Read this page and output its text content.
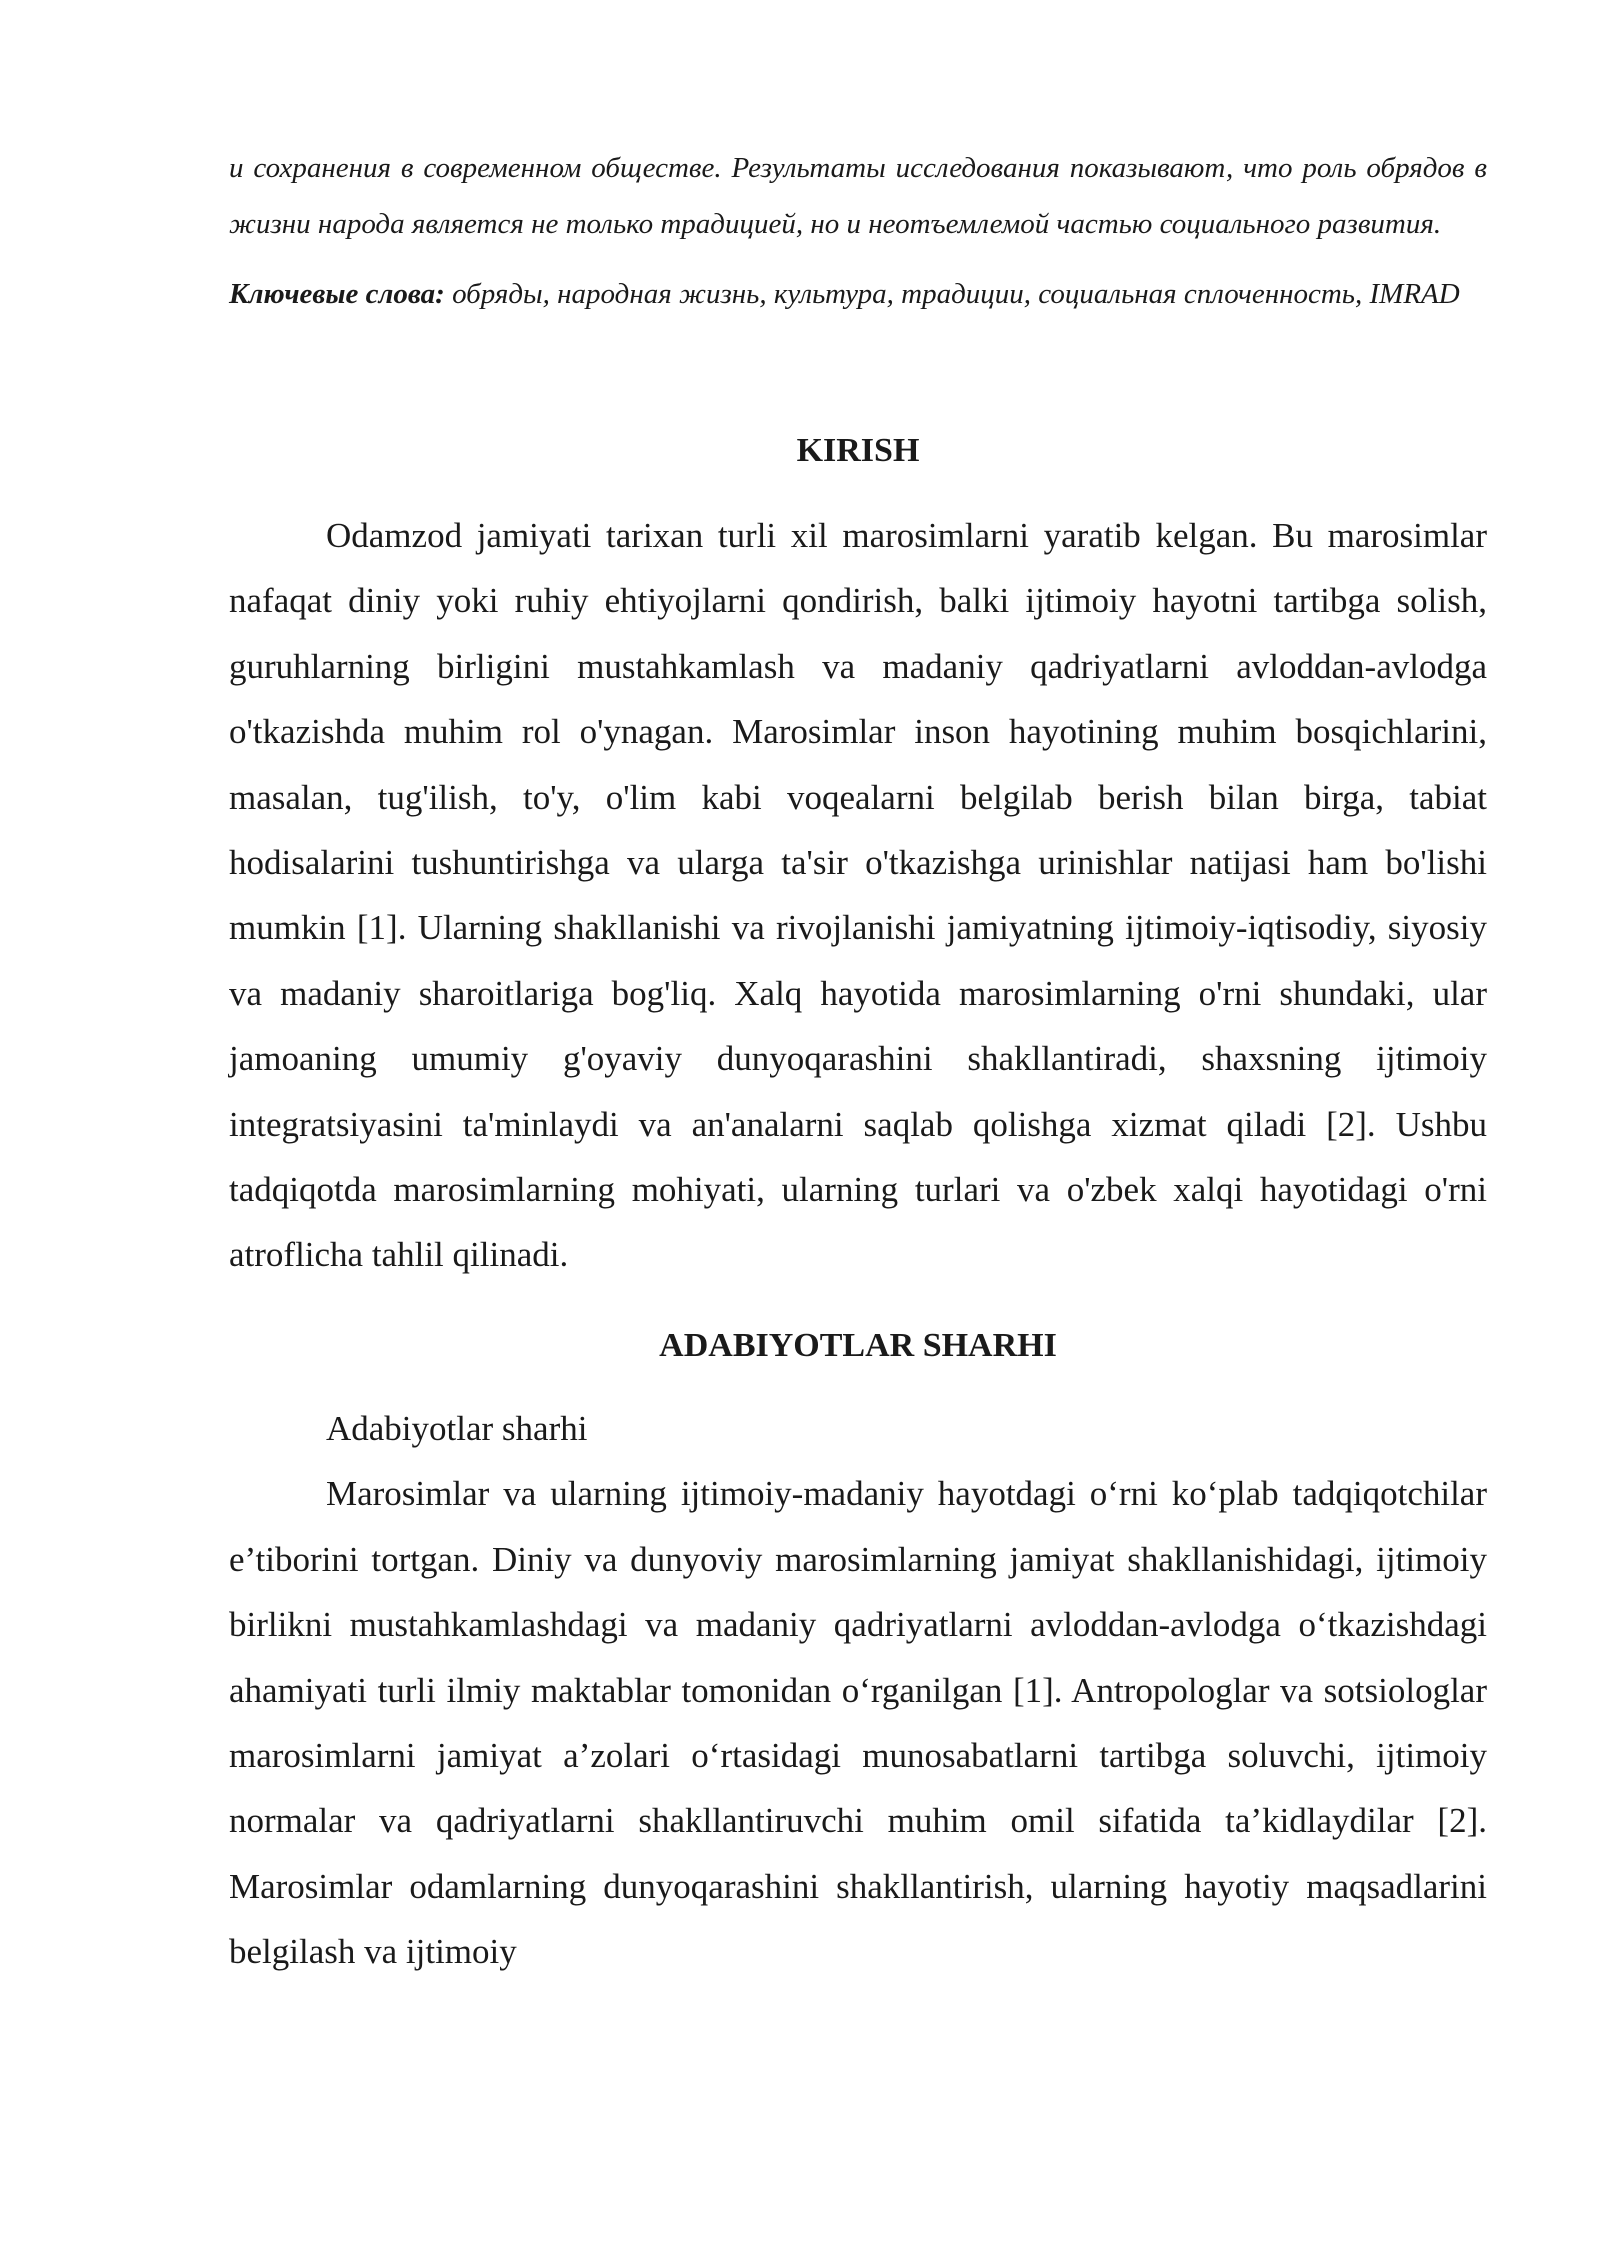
и сохранения в современном обществе. Результаты исследования показывают, что роль обрядов в жизни народа является не только традицией, но и неотъемлемой частью социального развития.

Ключевые слова: обряды, народная жизнь, культура, традиции, социальная сплоченность, IMRAD

KIRISH

Odamzod jamiyati tarixan turli xil marosimlarni yaratib kelgan. Bu marosimlar nafaqat diniy yoki ruhiy ehtiyojlarni qondirish, balki ijtimoiy hayotni tartibga solish, guruhlarning birligini mustahkamlash va madaniy qadriyatlarni avloddan-avlodga o'tkazishda muhim rol o'ynagan. Marosimlar inson hayotining muhim bosqichlarini, masalan, tug'ilish, to'y, o'lim kabi voqealarni belgilab berish bilan birga, tabiat hodisalarini tushuntirishga va ularga ta'sir o'tkazishga urinishlar natijasi ham bo'lishi mumkin [1]. Ularning shakllanishi va rivojlanishi jamiyatning ijtimoiy-iqtisodiy, siyosiy va madaniy sharoitlariga bog'liq. Xalq hayotida marosimlarning o'rni shundaki, ular jamoaning umumiy g'oyaviy dunyoqarashini shakllantiradi, shaxsning ijtimoiy integratsiyasini ta'minlaydi va an'analarni saqlab qolishga xizmat qiladi [2]. Ushbu tadqiqotda marosimlarning mohiyati, ularning turlari va o'zbek xalqi hayotidagi o'rni atroflicha tahlil qilinadi.

ADABIYOTLAR SHARHI

Adabiyotlar sharhi

Marosimlar va ularning ijtimoiy-madaniy hayotdagi o‘rni ko‘plab tadqiqotchilar e’tiborini tortgan. Diniy va dunyoviy marosimlarning jamiyat shakllanishidagi, ijtimoiy birlikni mustahkamlashdagi va madaniy qadriyatlarni avloddan-avlodga o‘tkazishdagi ahamiyati turli ilmiy maktablar tomonidan o‘rganilgan [1]. Antropologlar va sotsiologlar marosimlarni jamiyat a’zolari o‘rtasidagi munosabatlarni tartibga soluvchi, ijtimoiy normalar va qadriyatlarni shakllantiruvchi muhim omil sifatida ta’kidlaydilar [2]. Marosimlar odamlarning dunyoqarashini shakllantirish, ularning hayotiy maqsadlarini belgilash va ijtimoiy
